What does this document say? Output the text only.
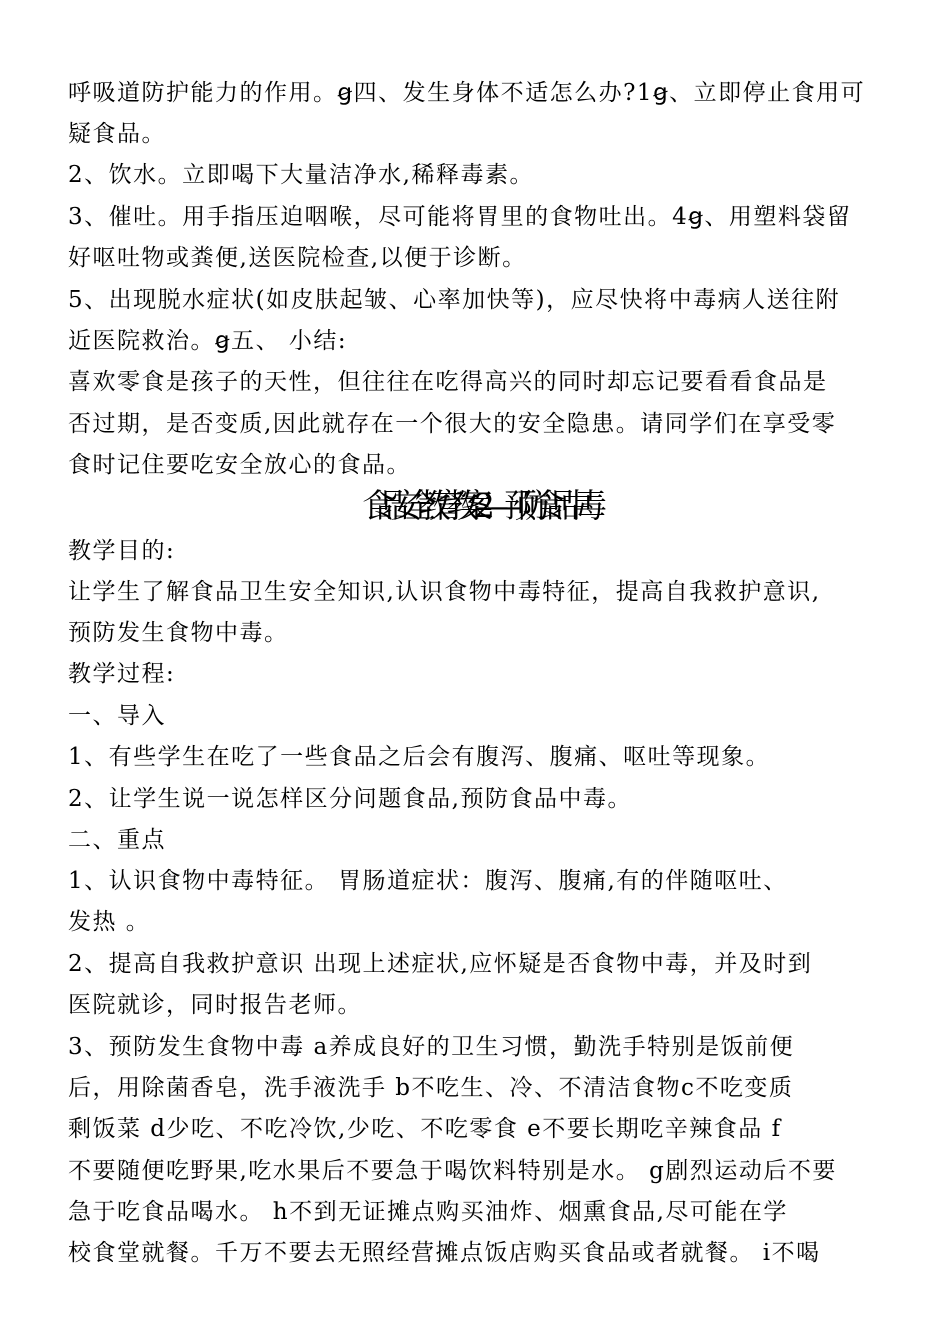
呼吸道防护能力的作用。ꞡ四、发生身体不适怎么办?1ꞡ、立即停止食用可
疑食品。
2、饮水。立即喝下大量洁净水,稀释毒素。
3、催吐。用手指压迫咽喉，尽可能将胃里的食物吐出。4ꞡ、用塑料袋留
好呕吐物或粪便,送医院检查,以便于诊断。
5、出现脱水症状(如皮肤起皱、心率加快等)，应尽快将中毒病人送往附
近医院救治。ꞡ五、 小结:
喜欢零食是孩子的天性，但往往在吃得高兴的同时却忘记要看看食品是
否过期，是否变质,因此就存在一个很大的安全隐患。请同学们在享受零
食时记住要吃安全放心的食品。
食品安全教育教案2——预防食品中毒
教学目的:
让学生了解食品卫生安全知识,认识食物中毒特征，提高自我救护意识,
预防发生食物中毒。
教学过程:
一、导入
1、有些学生在吃了一些食品之后会有腹泻、腹痛、呕吐等现象。
2、让学生说一说怎样区分问题食品,预防食品中毒。
二、重点
1、认识食物中毒特征。 胃肠道症状：腹泻、腹痛,有的伴随呕吐、
发热 。
2、提高自我救护意识 出现上述症状,应怀疑是否食物中毒，并及时到
医院就诊，同时报告老师。
3、预防发生食物中毒 a养成良好的卫生习惯，勤洗手特别是饭前便
后，用除菌香皂，洗手液洗手 b不吃生、冷、不清洁食物c不吃变质
剩饭菜 d少吃、不吃冷饮,少吃、不吃零食 e不要长期吃辛辣食品 f
不要随便吃野果,吃水果后不要急于喝饮料特别是水。 g剧烈运动后不要
急于吃食品喝水。 h不到无证摊点购买油炸、烟熏食品,尽可能在学
校食堂就餐。千万不要去无照经营摊点饭店购买食品或者就餐。 i不喝
